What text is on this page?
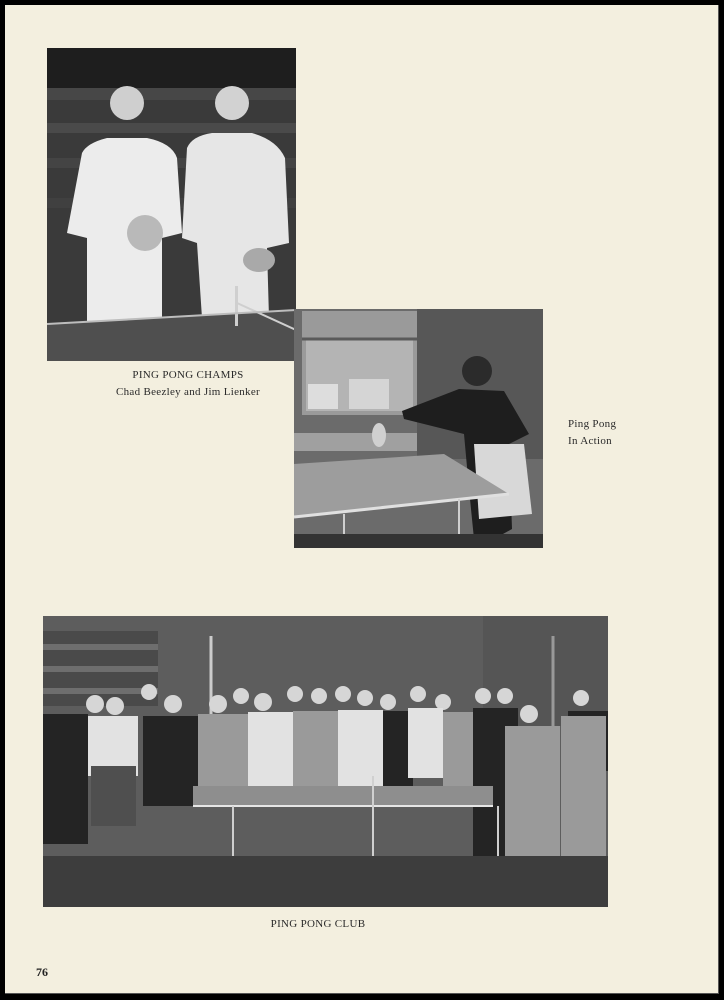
PING PONG CHAMPS
Chad Beezley and Jim Lienker
Ping Pong
In Action
PING PONG CLUB
76
